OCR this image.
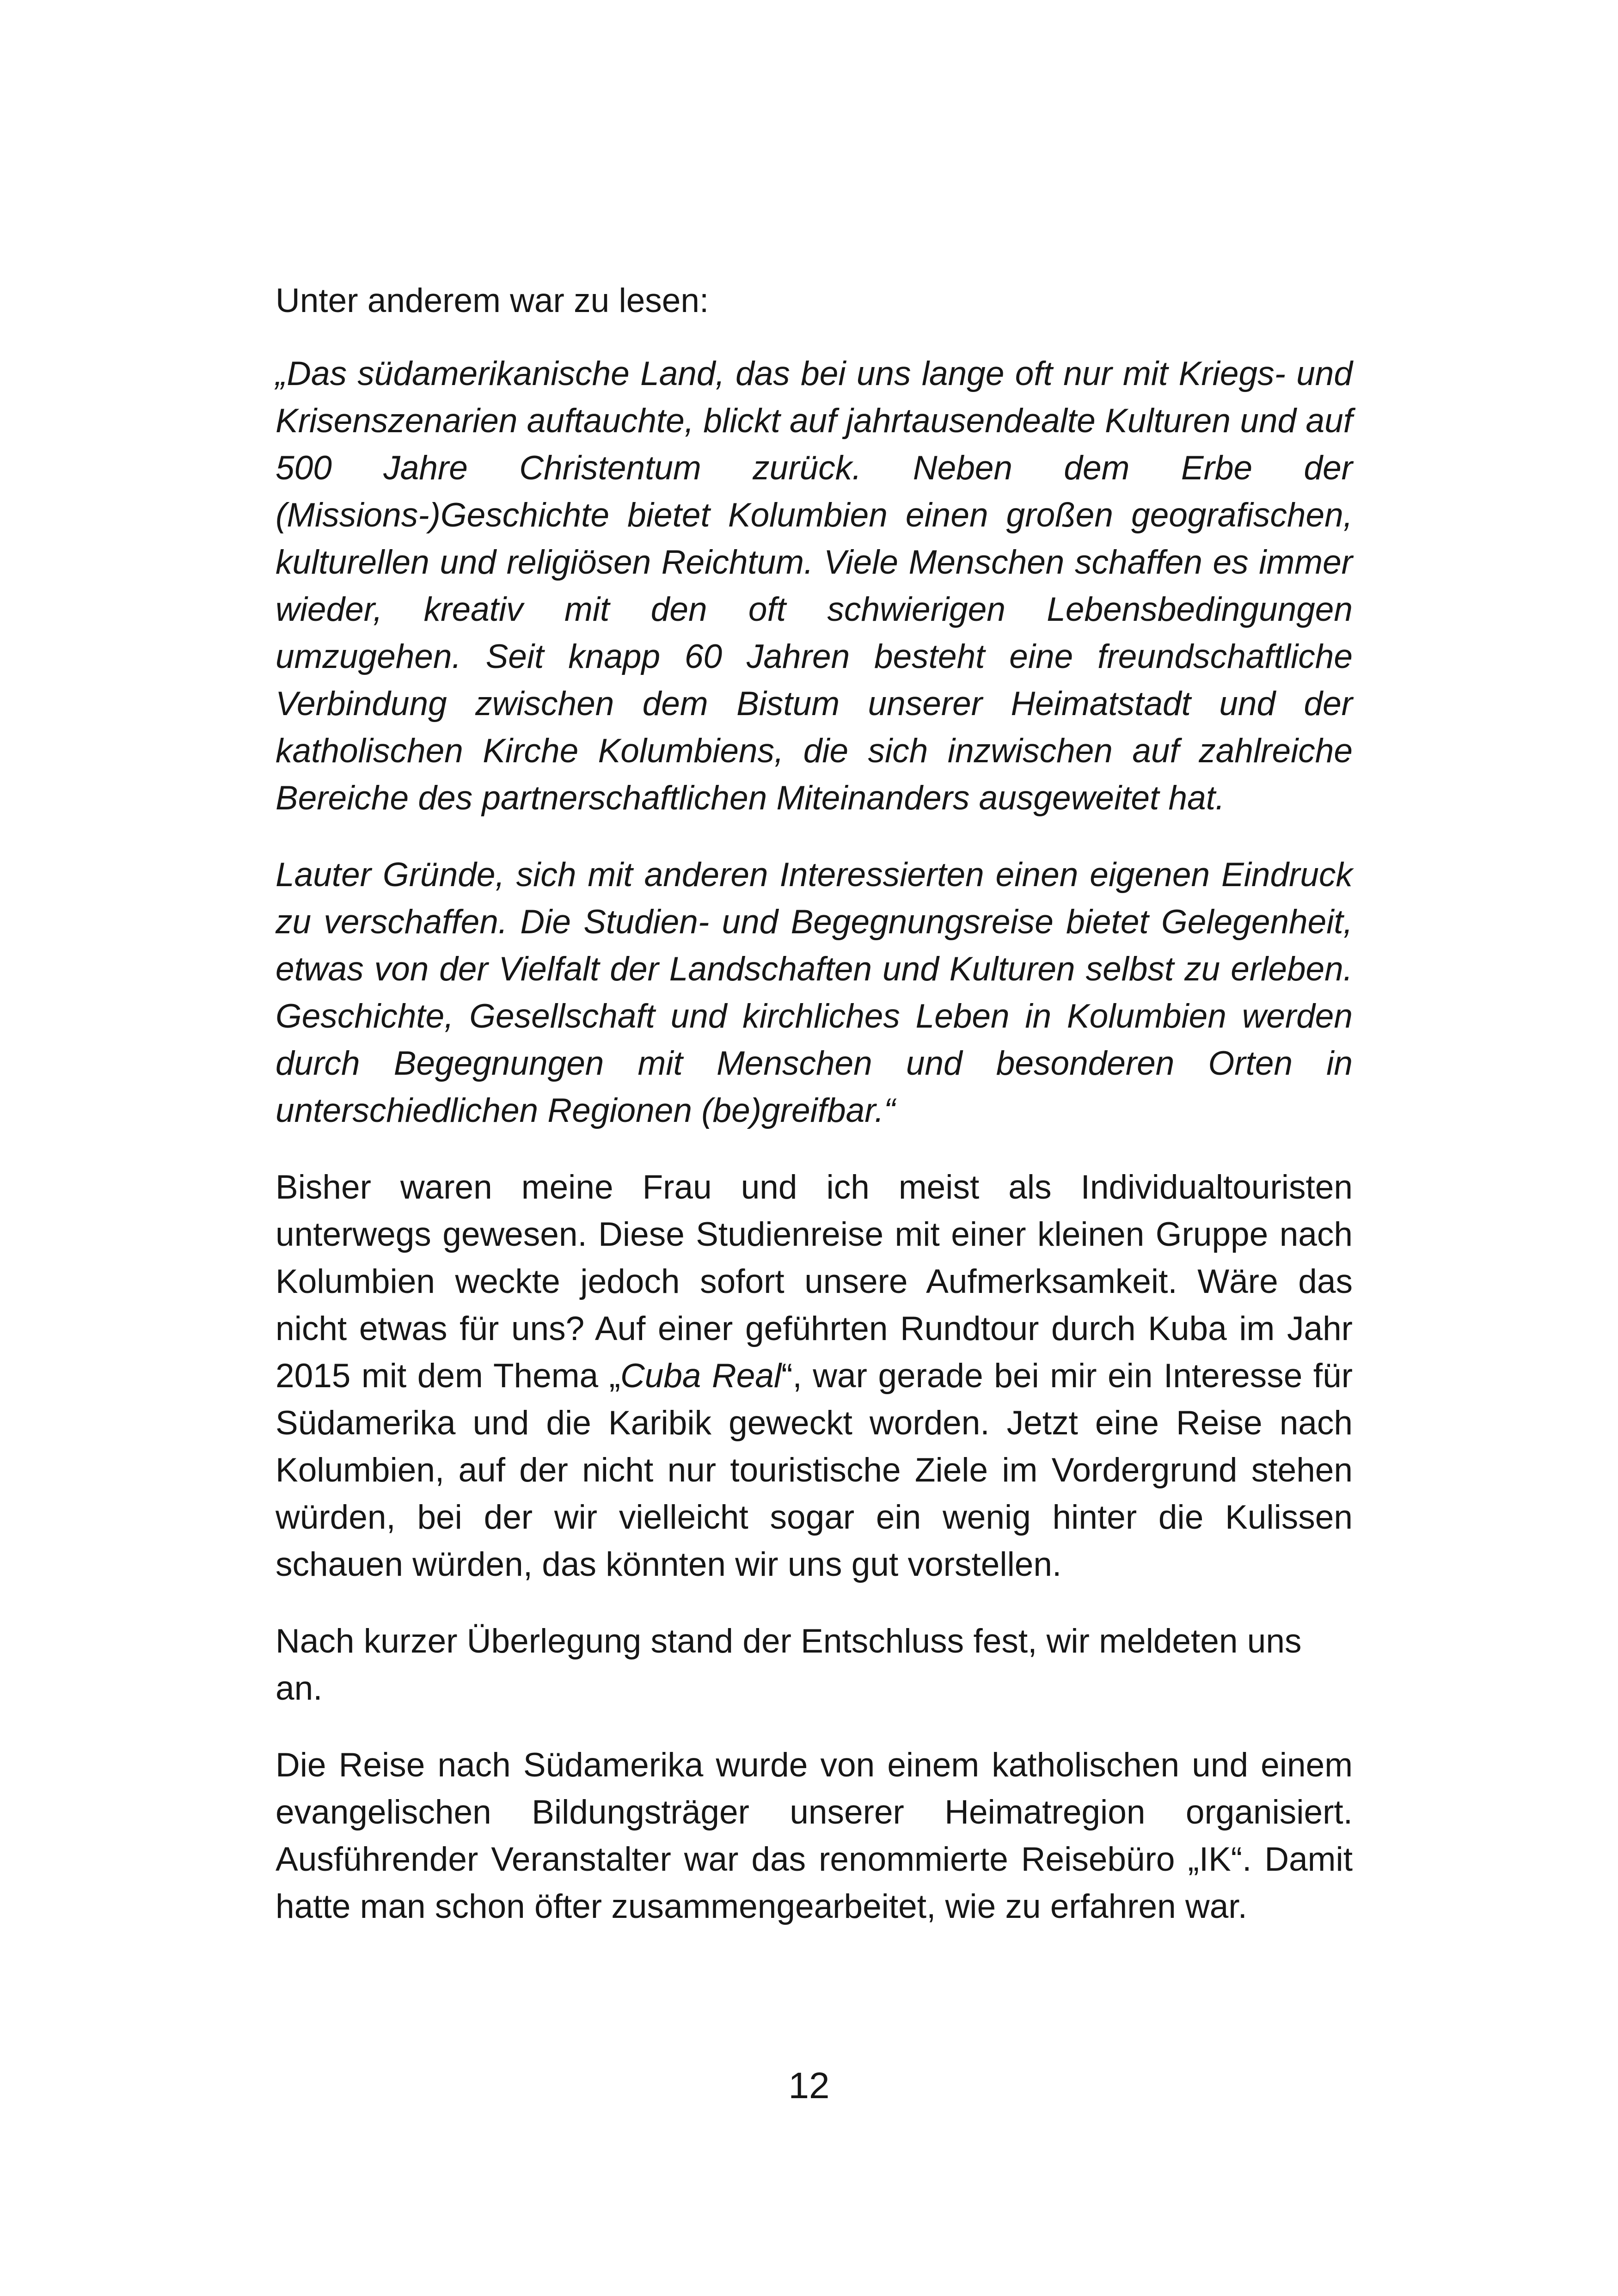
Unter anderem war zu lesen:

„Das südamerikanische Land, das bei uns lange oft nur mit Kriegs- und Krisenszenarien auftauchte, blickt auf jahrtausendealte Kulturen und auf 500 Jahre Christentum zurück. Neben dem Erbe der (Missions-)Geschichte bietet Kolumbien einen großen geografischen, kulturellen und religiösen Reichtum. Viele Menschen schaffen es immer wieder, kreativ mit den oft schwierigen Lebensbedingungen umzugehen. Seit knapp 60 Jahren besteht eine freundschaftliche Verbindung zwischen dem Bistum unserer Heimatstadt und der katholischen Kirche Kolumbiens, die sich inzwischen auf zahlreiche Bereiche des partnerschaftlichen Miteinanders ausgeweitet hat.

Lauter Gründe, sich mit anderen Interessierten einen eigenen Eindruck zu verschaffen. Die Studien- und Begegnungsreise bietet Gelegenheit, etwas von der Vielfalt der Landschaften und Kulturen selbst zu erleben. Geschichte, Gesellschaft und kirchliches Leben in Kolumbien werden durch Begegnungen mit Menschen und besonderen Orten in unterschiedlichen Regionen (be)greifbar.“

Bisher waren meine Frau und ich meist als Individualtouristen unterwegs gewesen. Diese Studienreise mit einer kleinen Gruppe nach Kolumbien weckte jedoch sofort unsere Aufmerksamkeit. Wäre das nicht etwas für uns? Auf einer geführten Rundtour durch Kuba im Jahr 2015 mit dem Thema „Cuba Real“, war gerade bei mir ein Interesse für Südamerika und die Karibik geweckt worden. Jetzt eine Reise nach Kolumbien, auf der nicht nur touristische Ziele im Vordergrund stehen würden, bei der wir vielleicht sogar ein wenig hinter die Kulissen schauen würden, das könnten wir uns gut vorstellen.

Nach kurzer Überlegung stand der Entschluss fest, wir meldeten uns an.

Die Reise nach Südamerika wurde von einem katholischen und einem evangelischen Bildungsträger unserer Heimatregion organisiert. Ausführender Veranstalter war das renommierte Reisebüro „IK“. Damit hatte man schon öfter zusammengearbeitet, wie zu erfahren war.

12
